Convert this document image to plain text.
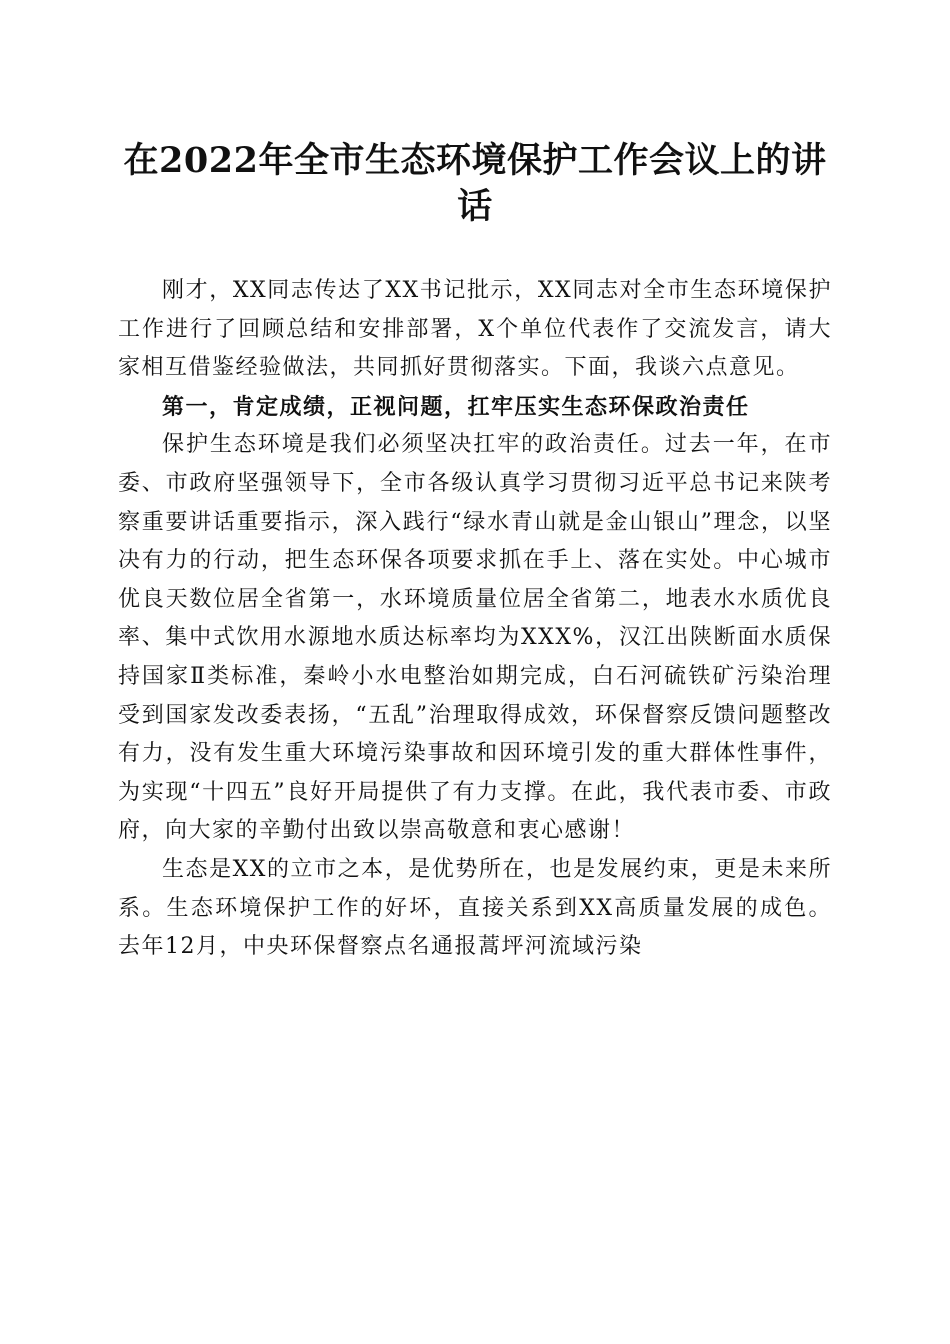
在2022年全市生态环境保护工作会议上的讲话

刚才，XX同志传达了XX书记批示，XX同志对全市生态环境保护工作进行了回顾总结和安排部署，X个单位代表作了交流发言，请大家相互借鉴经验做法，共同抓好贯彻落实。下面，我谈六点意见。

第一，肯定成绩，正视问题，扛牢压实生态环保政治责任

保护生态环境是我们必须坚决扛牢的政治责任。过去一年，在市委、市政府坚强领导下，全市各级认真学习贯彻习近平总书记来陕考察重要讲话重要指示，深入践行“绿水青山就是金山银山”理念，以坚决有力的行动，把生态环保各项要求抓在手上、落在实处。中心城市优良天数位居全省第一，水环境质量位居全省第二，地表水水质优良率、集中式饮用水源地水质达标率均为XXX%，汉江出陕断面水质保持国家Ⅱ类标准，秦岭小水电整治如期完成，白石河硫铁矿污染治理受到国家发改委表扬，“五乱”治理取得成效，环保督察反馈问题整改有力，没有发生重大环境污染事故和因环境引发的重大群体性事件，为实现“十四五”良好开局提供了有力支撑。在此，我代表市委、市政府，向大家的辛勤付出致以崇高敬意和衷心感谢！

生态是XX的立市之本，是优势所在，也是发展约束，更是未来所系。生态环境保护工作的好坏，直接关系到XX高质量发展的成色。去年12月，中央环保督察点名通报蒿坪河流域污染
